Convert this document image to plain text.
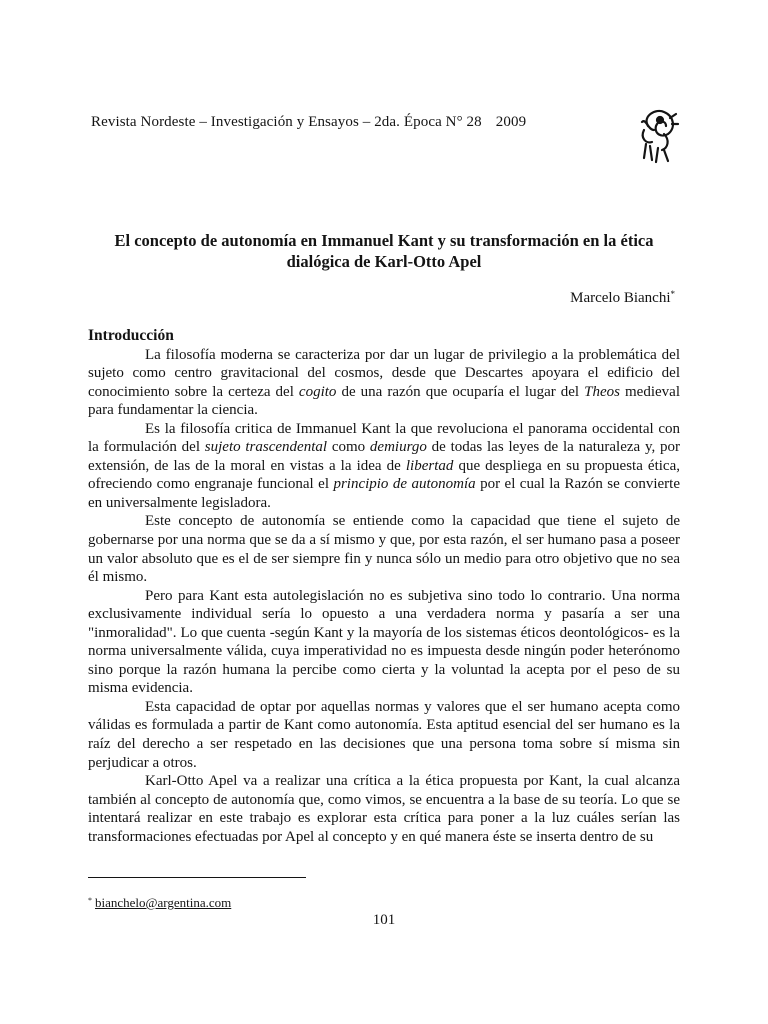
Revista Nordeste – Investigación y Ensayos – 2da. Época N° 28 2009
El concepto de autonomía en Immanuel Kant y su transformación en la ética
dialógica de Karl-Otto Apel
Marcelo Bianchi*
Introducción

La filosofía moderna se caracteriza por dar un lugar de privilegio a la problemática del sujeto como centro gravitacional del cosmos, desde que Descartes apoyara el edificio del conocimiento sobre la certeza del cogito de una razón que ocuparía el lugar del Theos medieval para fundamentar la ciencia.

Es la filosofía critica de Immanuel Kant la que revoluciona el panorama occidental con la formulación del sujeto trascendental como demiurgo de todas las leyes de la naturaleza y, por extensión, de las de la moral en vistas a la idea de libertad que despliega en su propuesta ética, ofreciendo como engranaje funcional el principio de autonomía por el cual la Razón se convierte en universalmente legisladora.

Este concepto de autonomía se entiende como la capacidad que tiene el sujeto de gobernarse por una norma que se da a sí mismo y que, por esta razón, el ser humano pasa a poseer un valor absoluto que es el de ser siempre fin y nunca sólo un medio para otro objetivo que no sea él mismo.

Pero para Kant esta autolegislación no es subjetiva sino todo lo contrario. Una norma exclusivamente individual sería lo opuesto a una verdadera norma y pasaría a ser una "inmoralidad". Lo que cuenta -según Kant y la mayoría de los sistemas éticos deontológicos- es la norma universalmente válida, cuya imperatividad no es impuesta desde ningún poder heterónomo sino porque la razón humana la percibe como cierta y la voluntad la acepta por el peso de su misma evidencia.

Esta capacidad de optar por aquellas normas y valores que el ser humano acepta como válidas es formulada a partir de Kant como autonomía. Esta aptitud esencial del ser humano es la raíz del derecho a ser respetado en las decisiones que una persona toma sobre sí misma sin perjudicar a otros.

Karl-Otto Apel va a realizar una crítica a la ética propuesta por Kant, la cual alcanza también al concepto de autonomía que, como vimos, se encuentra a la base de su teoría. Lo que se intentará realizar en este trabajo es explorar esta crítica para poner a la luz cuáles serían las transformaciones efectuadas por Apel al concepto y en qué manera éste se inserta dentro de su

* bianchelo@argentina.com
101
